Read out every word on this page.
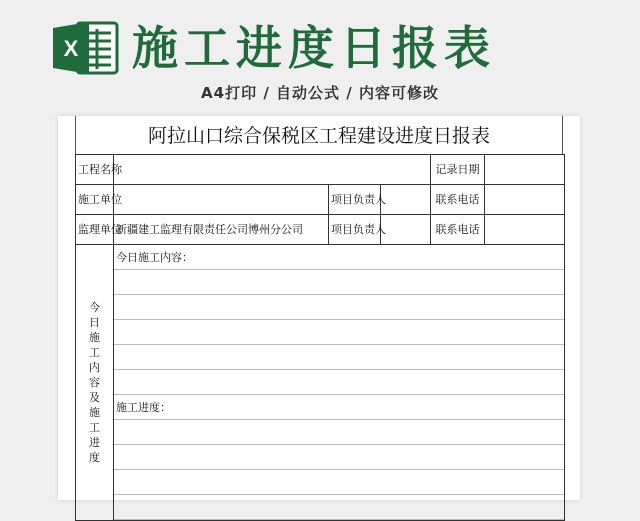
X 施工进度日报表
A4打印 / 自动公式 / 内容可修改
阿拉山口综合保税区工程建设进度日报表
工程名称				记录日期	
施工单位		项目负责人		联系电话	
监理单位	新疆建工监理有限责任公司博州分公司	项目负责人		联系电话	
今日施工内容及施工进度	今日施工内容：
施工进度：				
